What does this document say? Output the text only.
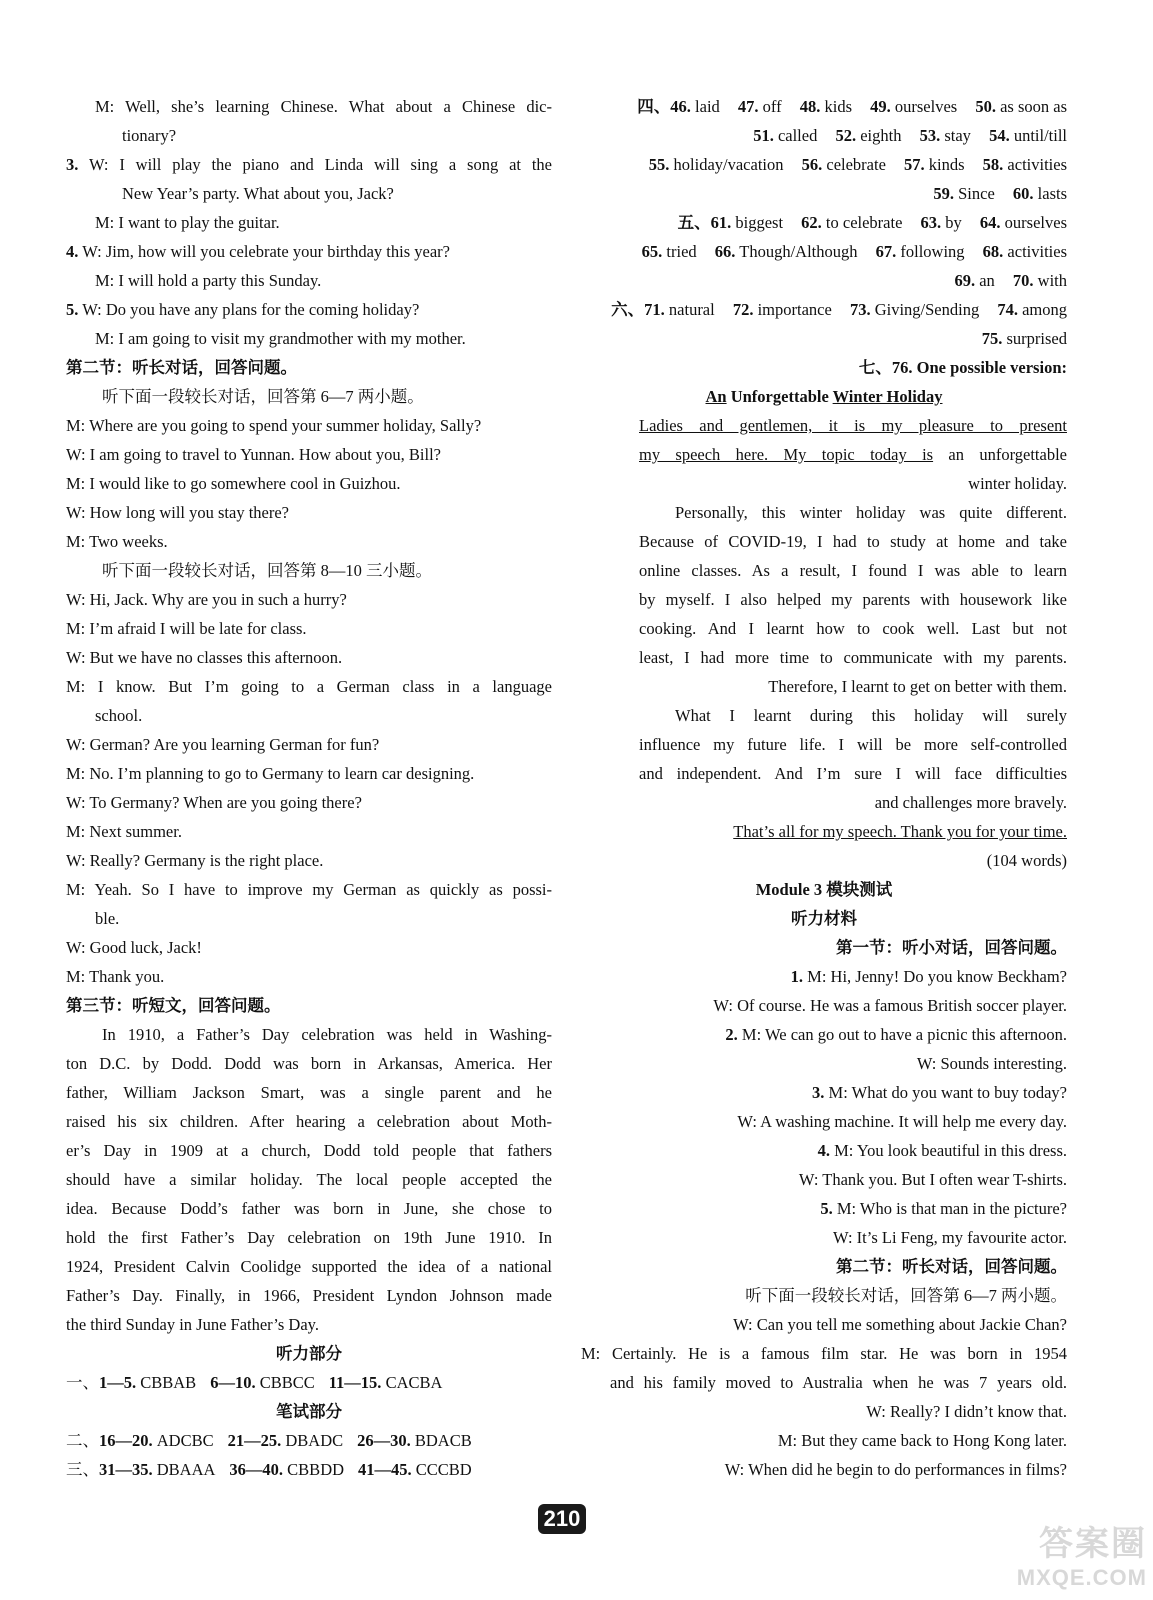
M: Well, she’s learning Chinese. What about a Chinese dic-
tionary?
3. W: I will play the piano and Linda will sing a song at the
New Year’s party. What about you, Jack?
M: I want to play the guitar.
4. W: Jim, how will you celebrate your birthday this year?
M: I will hold a party this Sunday.
5. W: Do you have any plans for the coming holiday?
M: I am going to visit my grandmother with my mother.
第二节：听长对话，回答问题。
听下面一段较长对话，回答第 6—7 两小题。
M: Where are you going to spend your summer holiday, Sally?
W: I am going to travel to Yunnan. How about you, Bill?
M: I would like to go somewhere cool in Guizhou.
W: How long will you stay there?
M: Two weeks.
听下面一段较长对话，回答第 8—10 三小题。
W: Hi, Jack. Why are you in such a hurry?
M: I’m afraid I will be late for class.
W: But we have no classes this afternoon.
M: I know. But I’m going to a German class in a language
school.
W: German? Are you learning German for fun?
M: No. I’m planning to go to Germany to learn car designing.
W: To Germany? When are you going there?
M: Next summer.
W: Really? Germany is the right place.
M: Yeah. So I have to improve my German as quickly as possi-
ble.
W: Good luck, Jack!
M: Thank you.
第三节：听短文，回答问题。
In 1910, a Father’s Day celebration was held in Washing-
ton D.C. by Dodd. Dodd was born in Arkansas, America. Her
father, William Jackson Smart, was a single parent and he
raised his six children. After hearing a celebration about Moth-
er’s Day in 1909 at a church, Dodd told people that fathers
should have a similar holiday. The local people accepted the
idea. Because Dodd’s father was born in June, she chose to
hold the first Father’s Day celebration on 19th June 1910. In
1924, President Calvin Coolidge supported the idea of a national
Father’s Day. Finally, in 1966, President Lyndon Johnson made
the third Sunday in June Father’s Day.
听力部分
一、1—5. CBBAB 6—10. CBBCC 11—15. CACBA
笔试部分
二、16—20. ADCBC 21—25. DBADC 26—30. BDACB
三、31—35. DBAAA 36—40. CBBDD 41—45. CCCBD
四、46. laid 47. off 48. kids 49. ourselves 50. as soon as
51. called 52. eighth 53. stay 54. until/till
55. holiday/vacation 56. celebrate 57. kinds 58. activities
59. Since 60. lasts
五、61. biggest 62. to celebrate 63. by 64. ourselves
65. tried 66. Though/Although 67. following 68. activities
69. an 70. with
六、71. natural 72. importance 73. Giving/Sending 74. among
75. surprised
七、76. One possible version:
An Unforgettable Winter Holiday
Ladies and gentlemen, it is my pleasure to present
my speech here. My topic today is an unforgettable
winter holiday.
Personally, this winter holiday was quite different.
Because of COVID-19, I had to study at home and take
online classes. As a result, I found I was able to learn
by myself. I also helped my parents with housework like
cooking. And I learnt how to cook well. Last but not
least, I had more time to communicate with my parents.
Therefore, I learnt to get on better with them.
What I learnt during this holiday will surely
influence my future life. I will be more self-controlled
and independent. And I’m sure I will face difficulties
and challenges more bravely.
That’s all for my speech. Thank you for your time.
(104 words)
Module 3 模块测试
听力材料
第一节：听小对话，回答问题。
1. M: Hi, Jenny! Do you know Beckham?
W: Of course. He was a famous British soccer player.
2. M: We can go out to have a picnic this afternoon.
W: Sounds interesting.
3. M: What do you want to buy today?
W: A washing machine. It will help me every day.
4. M: You look beautiful in this dress.
W: Thank you. But I often wear T-shirts.
5. M: Who is that man in the picture?
W: It’s Li Feng, my favourite actor.
第二节：听长对话，回答问题。
听下面一段较长对话，回答第 6—7 两小题。
W: Can you tell me something about Jackie Chan?
M: Certainly. He is a famous film star. He was born in 1954
and his family moved to Australia when he was 7 years old.
W: Really? I didn’t know that.
M: But they came back to Hong Kong later.
W: When did he begin to do performances in films?
210
答案圈
MXQE.COM
